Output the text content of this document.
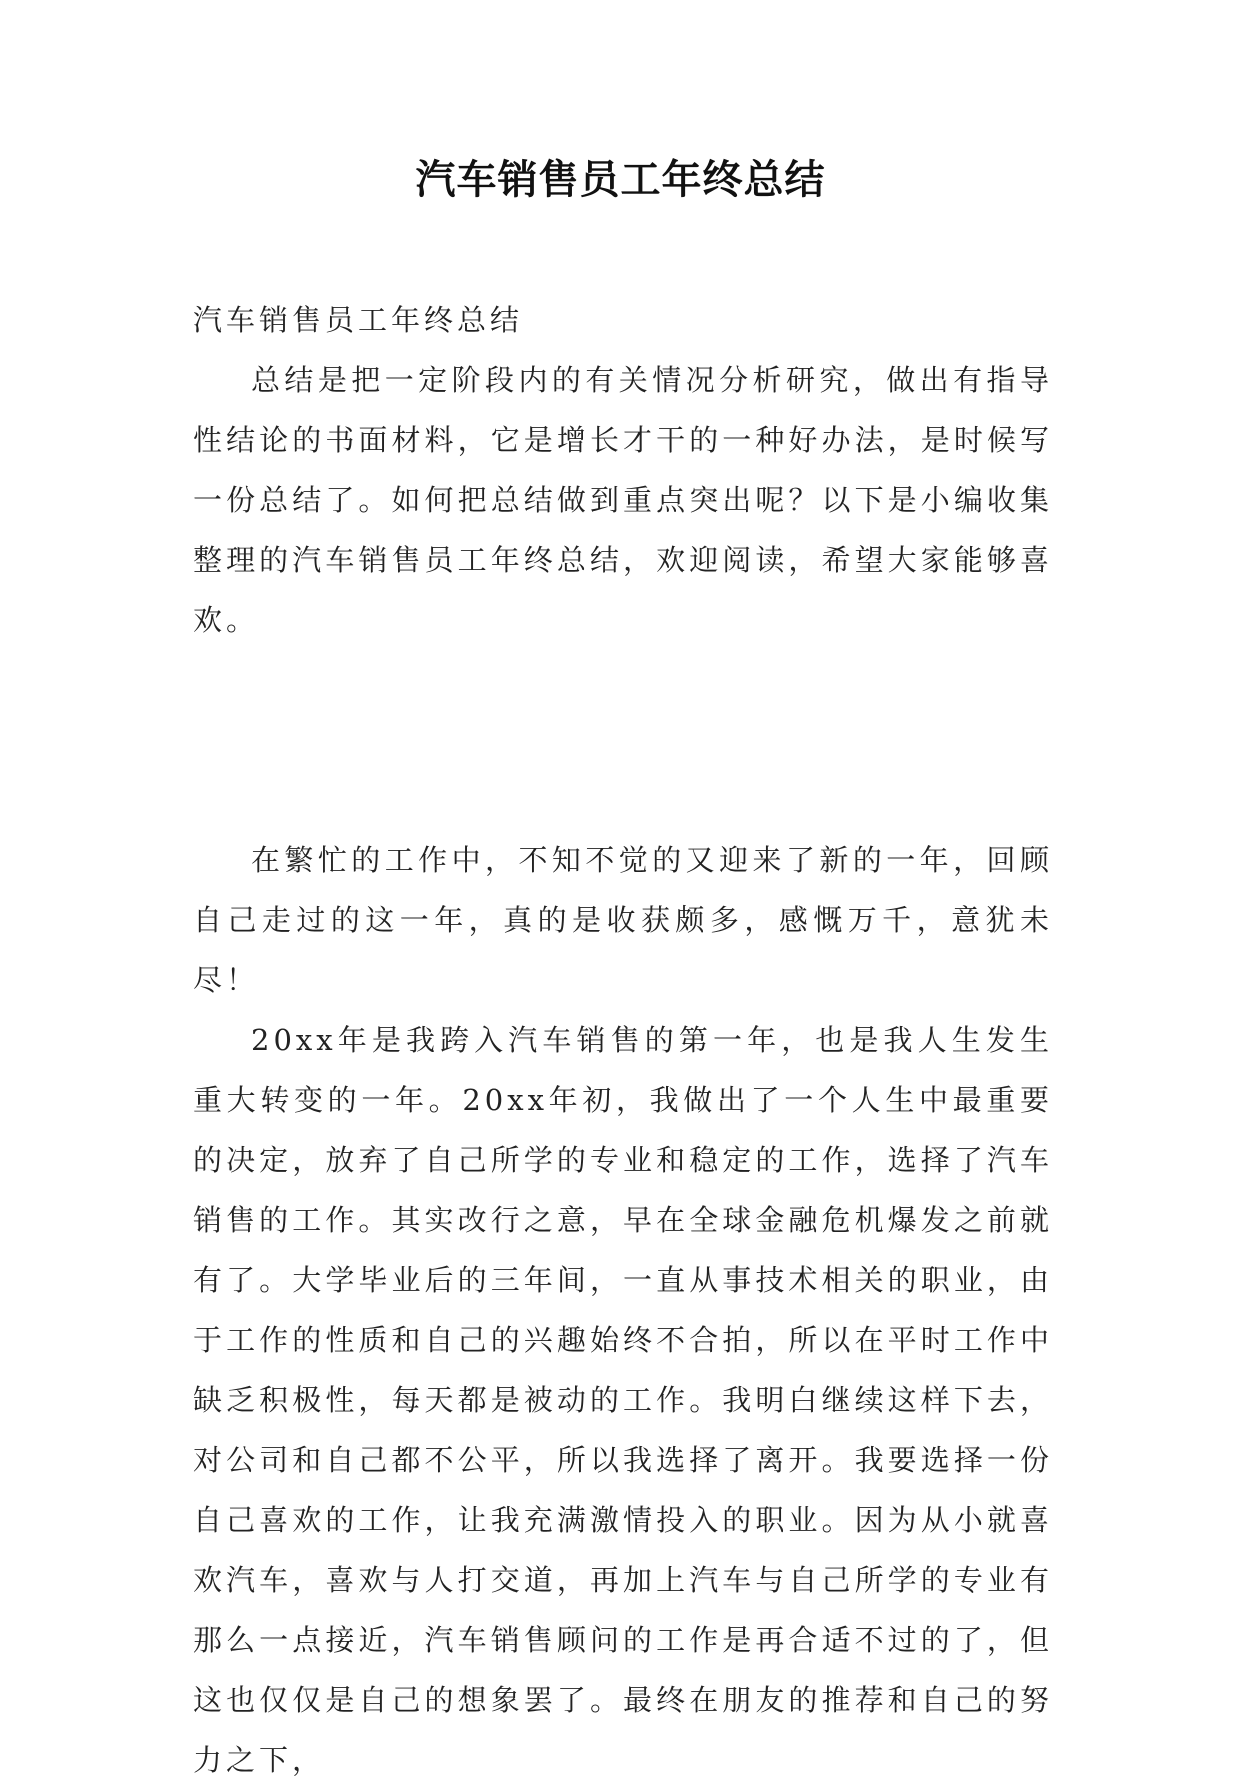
汽车销售员工年终总结

汽车销售员工年终总结

总结是把一定阶段内的有关情况分析研究，做出有指导性结论的书面材料，它是增长才干的一种好办法，是时候写一份总结了。如何把总结做到重点突出呢？以下是小编收集整理的汽车销售员工年终总结，欢迎阅读，希望大家能够喜欢。

在繁忙的工作中，不知不觉的又迎来了新的一年，回顾自己走过的这一年，真的是收获颇多，感慨万千，意犹未尽！

20xx年是我跨入汽车销售的第一年，也是我人生发生重大转变的一年。20xx年初，我做出了一个人生中最重要的决定，放弃了自己所学的专业和稳定的工作，选择了汽车销售的工作。其实改行之意，早在全球金融危机爆发之前就有了。大学毕业后的三年间，一直从事技术相关的职业，由于工作的性质和自己的兴趣始终不合拍，所以在平时工作中缺乏积极性，每天都是被动的工作。我明白继续这样下去，对公司和自己都不公平，所以我选择了离开。我要选择一份自己喜欢的工作，让我充满激情投入的职业。因为从小就喜欢汽车，喜欢与人打交道，再加上汽车与自己所学的专业有那么一点接近，汽车销售顾问的工作是再合适不过的了，但这也仅仅是自己的想象罢了。最终在朋友的推荐和自己的努力之下，
